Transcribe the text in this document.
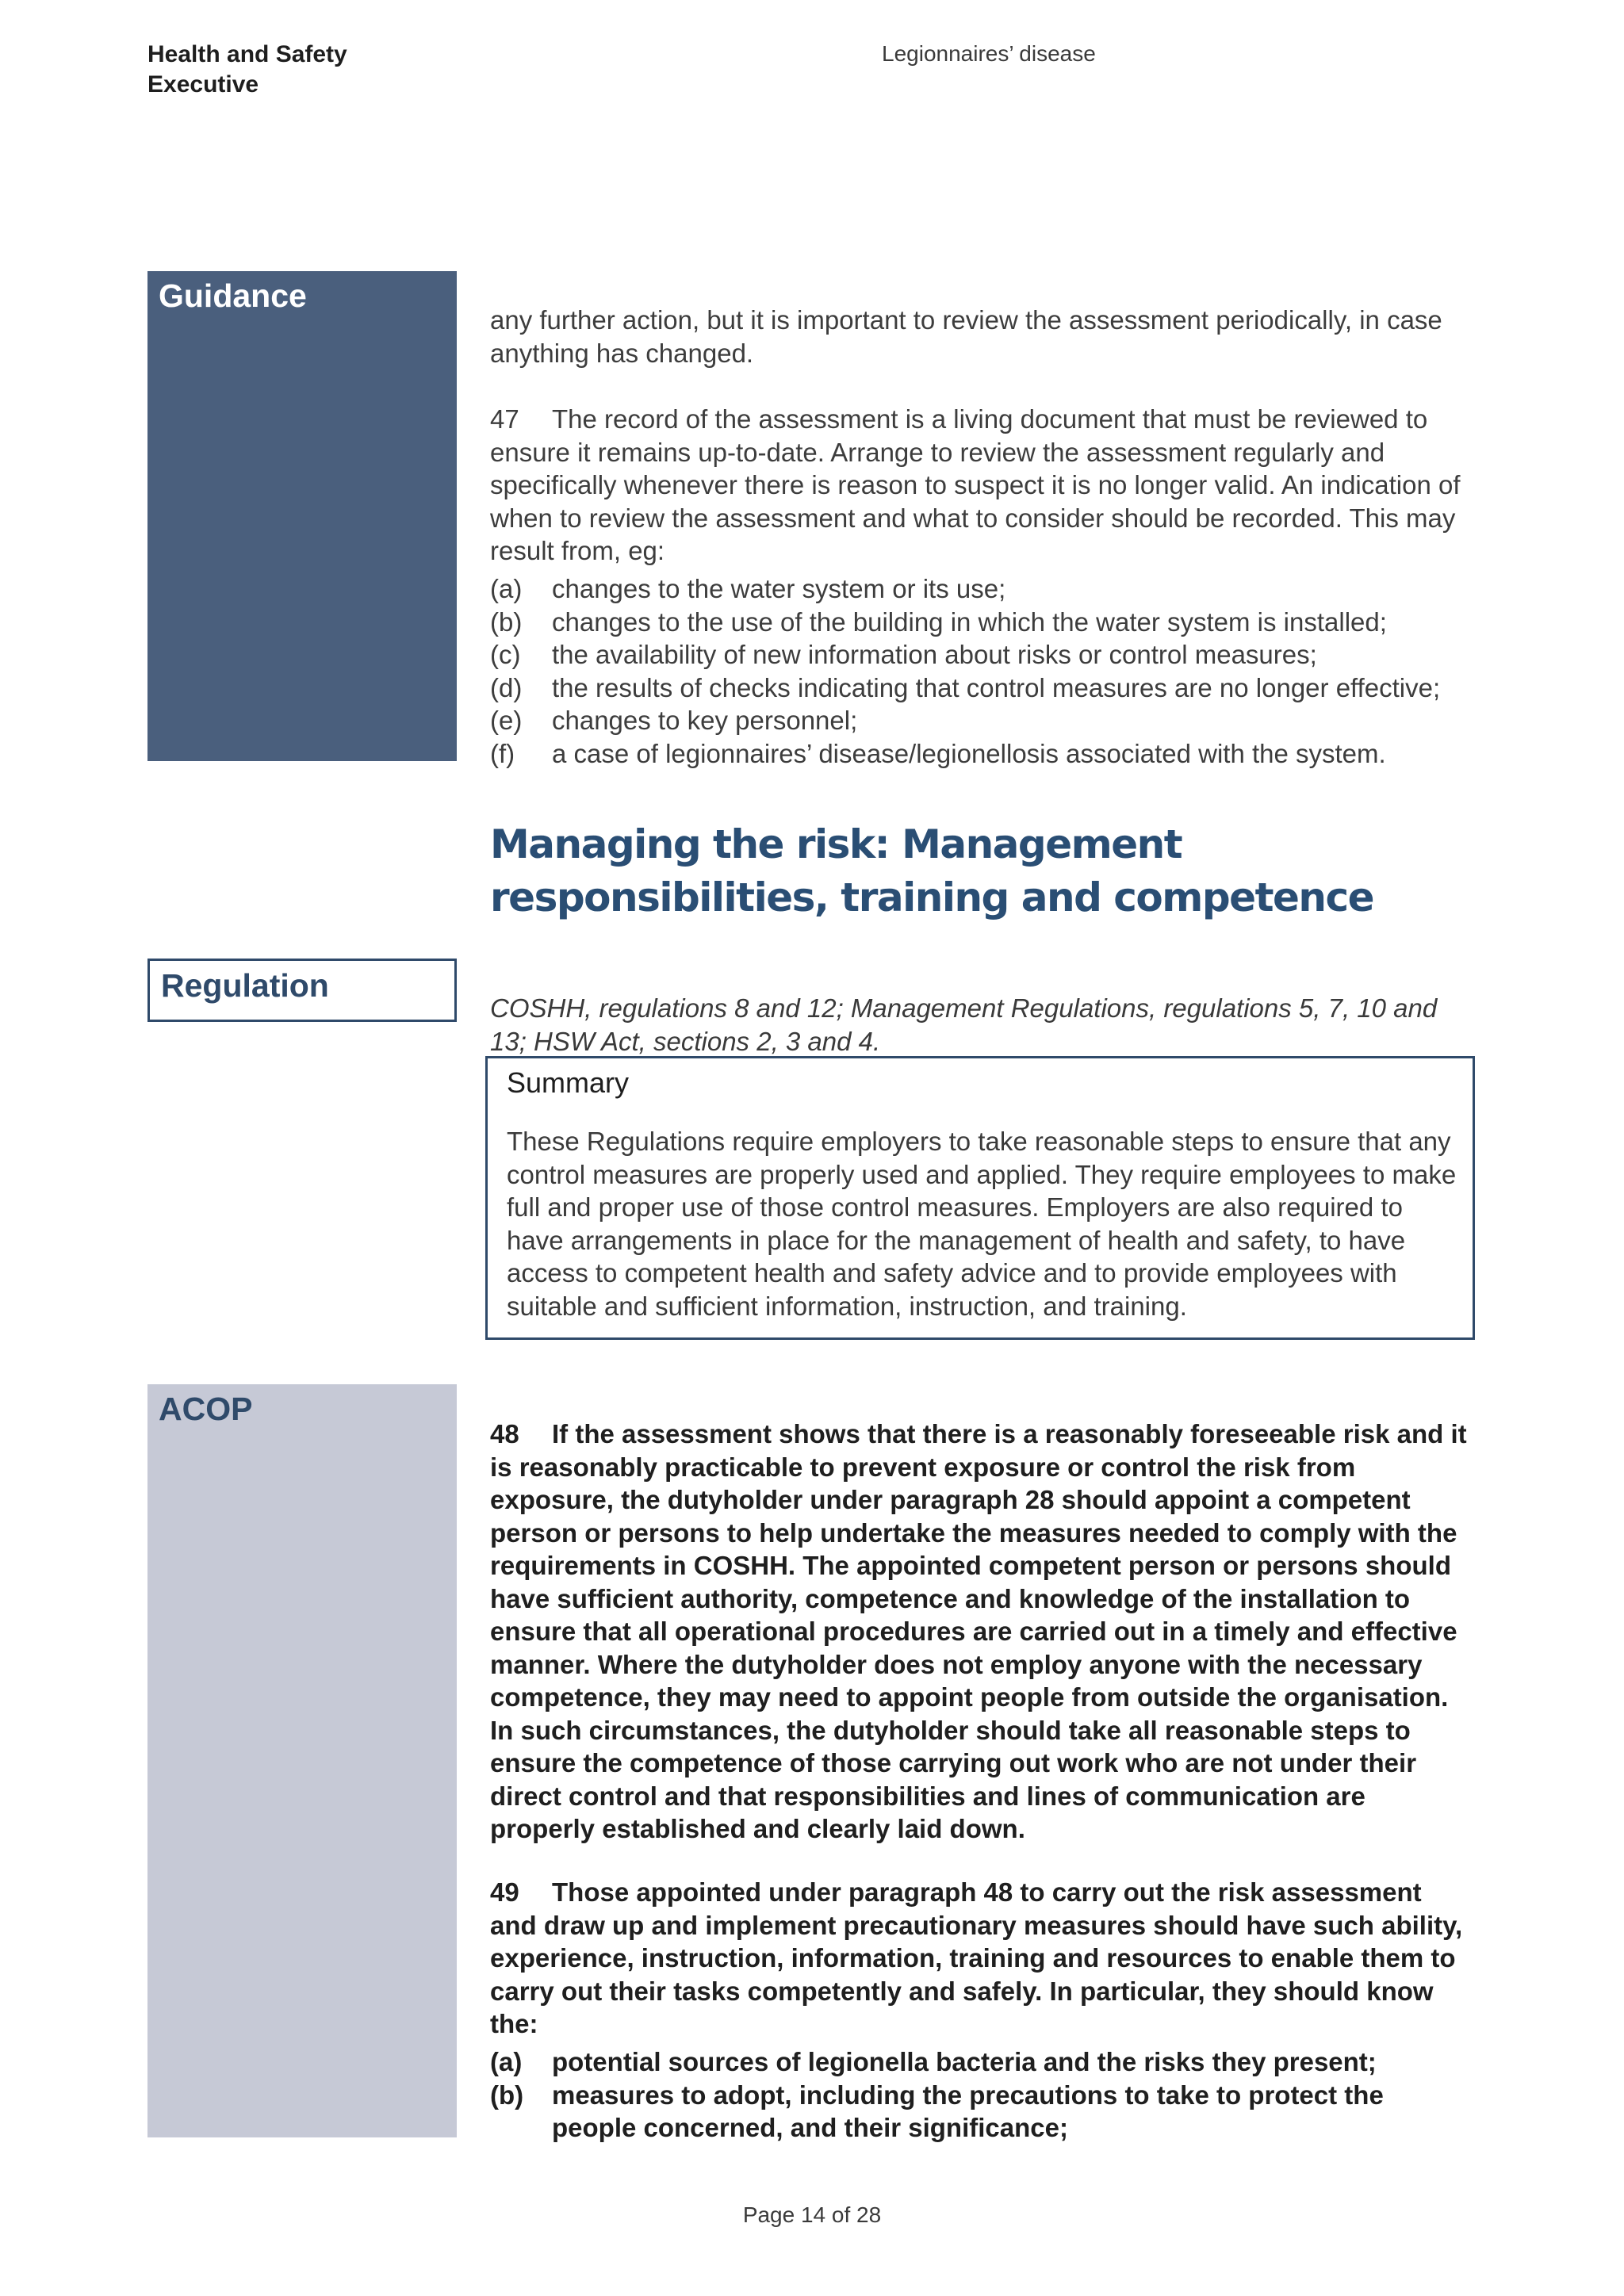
Health and Safety
Executive
Legionnaires’ disease
Guidance

any further action, but it is important to review the assessment periodically, in case anything has changed.

47 The record of the assessment is a living document that must be reviewed to ensure it remains up-to-date. Arrange to review the assessment regularly and specifically whenever there is reason to suspect it is no longer valid. An indication of when to review the assessment and what to consider should be recorded. This may result from, eg:

(a)	changes to the water system or its use;
(b)	changes to the use of the building in which the water system is installed;
(c)	the availability of new information about risks or control measures;
(d)	the results of checks indicating that control measures are no longer effective;
(e)	changes to key personnel;
(f)	a case of legionnaires’ disease/legionellosis associated with the system.
Managing the risk: Management responsibilities, training and competence
Regulation

COSHH, regulations 8 and 12; Management Regulations, regulations 5, 7, 10 and 13; HSW Act, sections 2, 3 and 4.

Summary

These Regulations require employers to take reasonable steps to ensure that any control measures are properly used and applied. They require employees to make full and proper use of those control measures. Employers are also required to have arrangements in place for the management of health and safety, to have access to competent health and safety advice and to provide employees with suitable and sufficient information, instruction, and training.

ACOP

48 If the assessment shows that there is a reasonably foreseeable risk and it is reasonably practicable to prevent exposure or control the risk from exposure, the dutyholder under paragraph 28 should appoint a competent person or persons to help undertake the measures needed to comply with the requirements in COSHH. The appointed competent person or persons should have sufficient authority, competence and knowledge of the installation to ensure that all operational procedures are carried out in a timely and effective manner. Where the dutyholder does not employ anyone with the necessary competence, they may need to appoint people from outside the organisation. In such circumstances, the dutyholder should take all reasonable steps to ensure the competence of those carrying out work who are not under their direct control and that responsibilities and lines of communication are properly established and clearly laid down.

49 Those appointed under paragraph 48 to carry out the risk assessment and draw up and implement precautionary measures should have such ability, experience, instruction, information, training and resources to enable them to carry out their tasks competently and safely. In particular, they should know the:

(a)	potential sources of legionella bacteria and the risks they present;
(b)	measures to adopt, including the precautions to take to protect the people concerned, and their significance;
Page 14 of 28
